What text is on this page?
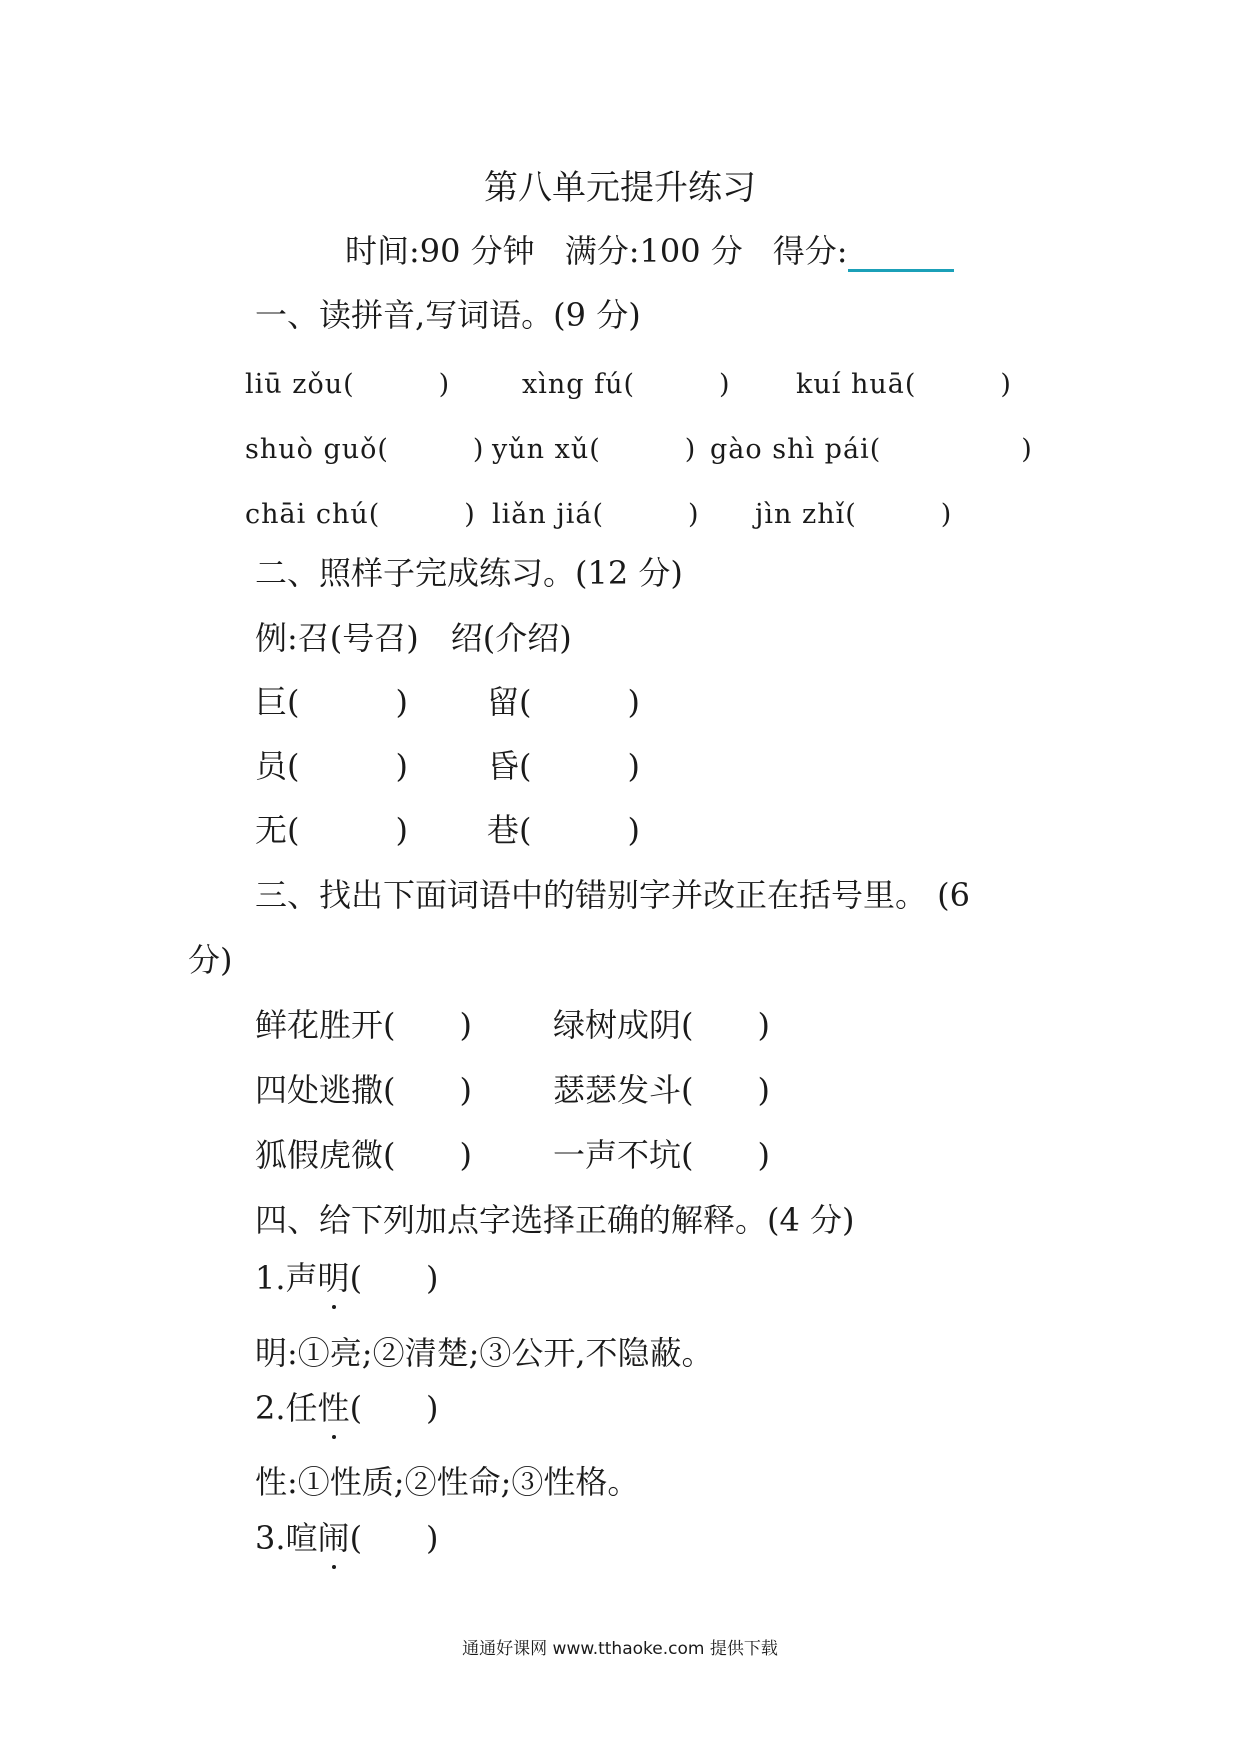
第八单元提升练习
时间:90 分钟 满分:100 分 得分:
一、读拼音,写词语。(9 分)
liū zǒu(　　　)	xìng fú(　　　) kuí huā(　　　)
shuò guǒ(　　　) yǔn xǔ(　　　) gào shì pái(　　　　　)
chāi chú(　　　) liǎn jiá(　　　) jìn zhǐ(　　　)
二、照样子完成练习。(12 分)
例:召(号召)　绍(介绍)
巨(　　　) 留(　　　)
员(　　　) 昏(　　　)
无(　　　) 巷(　　　)
三、找出下面词语中的错别字并改正在括号里。 (6
分)
鲜花胜开(　　)	绿树成阴(　　)
四处逃撒(　　)	瑟瑟发斗(　　)
狐假虎微(　　)	一声不坑(　　)
四、给下列加点字选择正确的解释。(4 分)
1.声明(　　)
明:①亮;②清楚;③公开,不隐蔽。
2.任性(　　)
性:①性质;②性命;③性格。
3.喧闹(　　)
通通好课网 www.tthaoke.com 提供下载
